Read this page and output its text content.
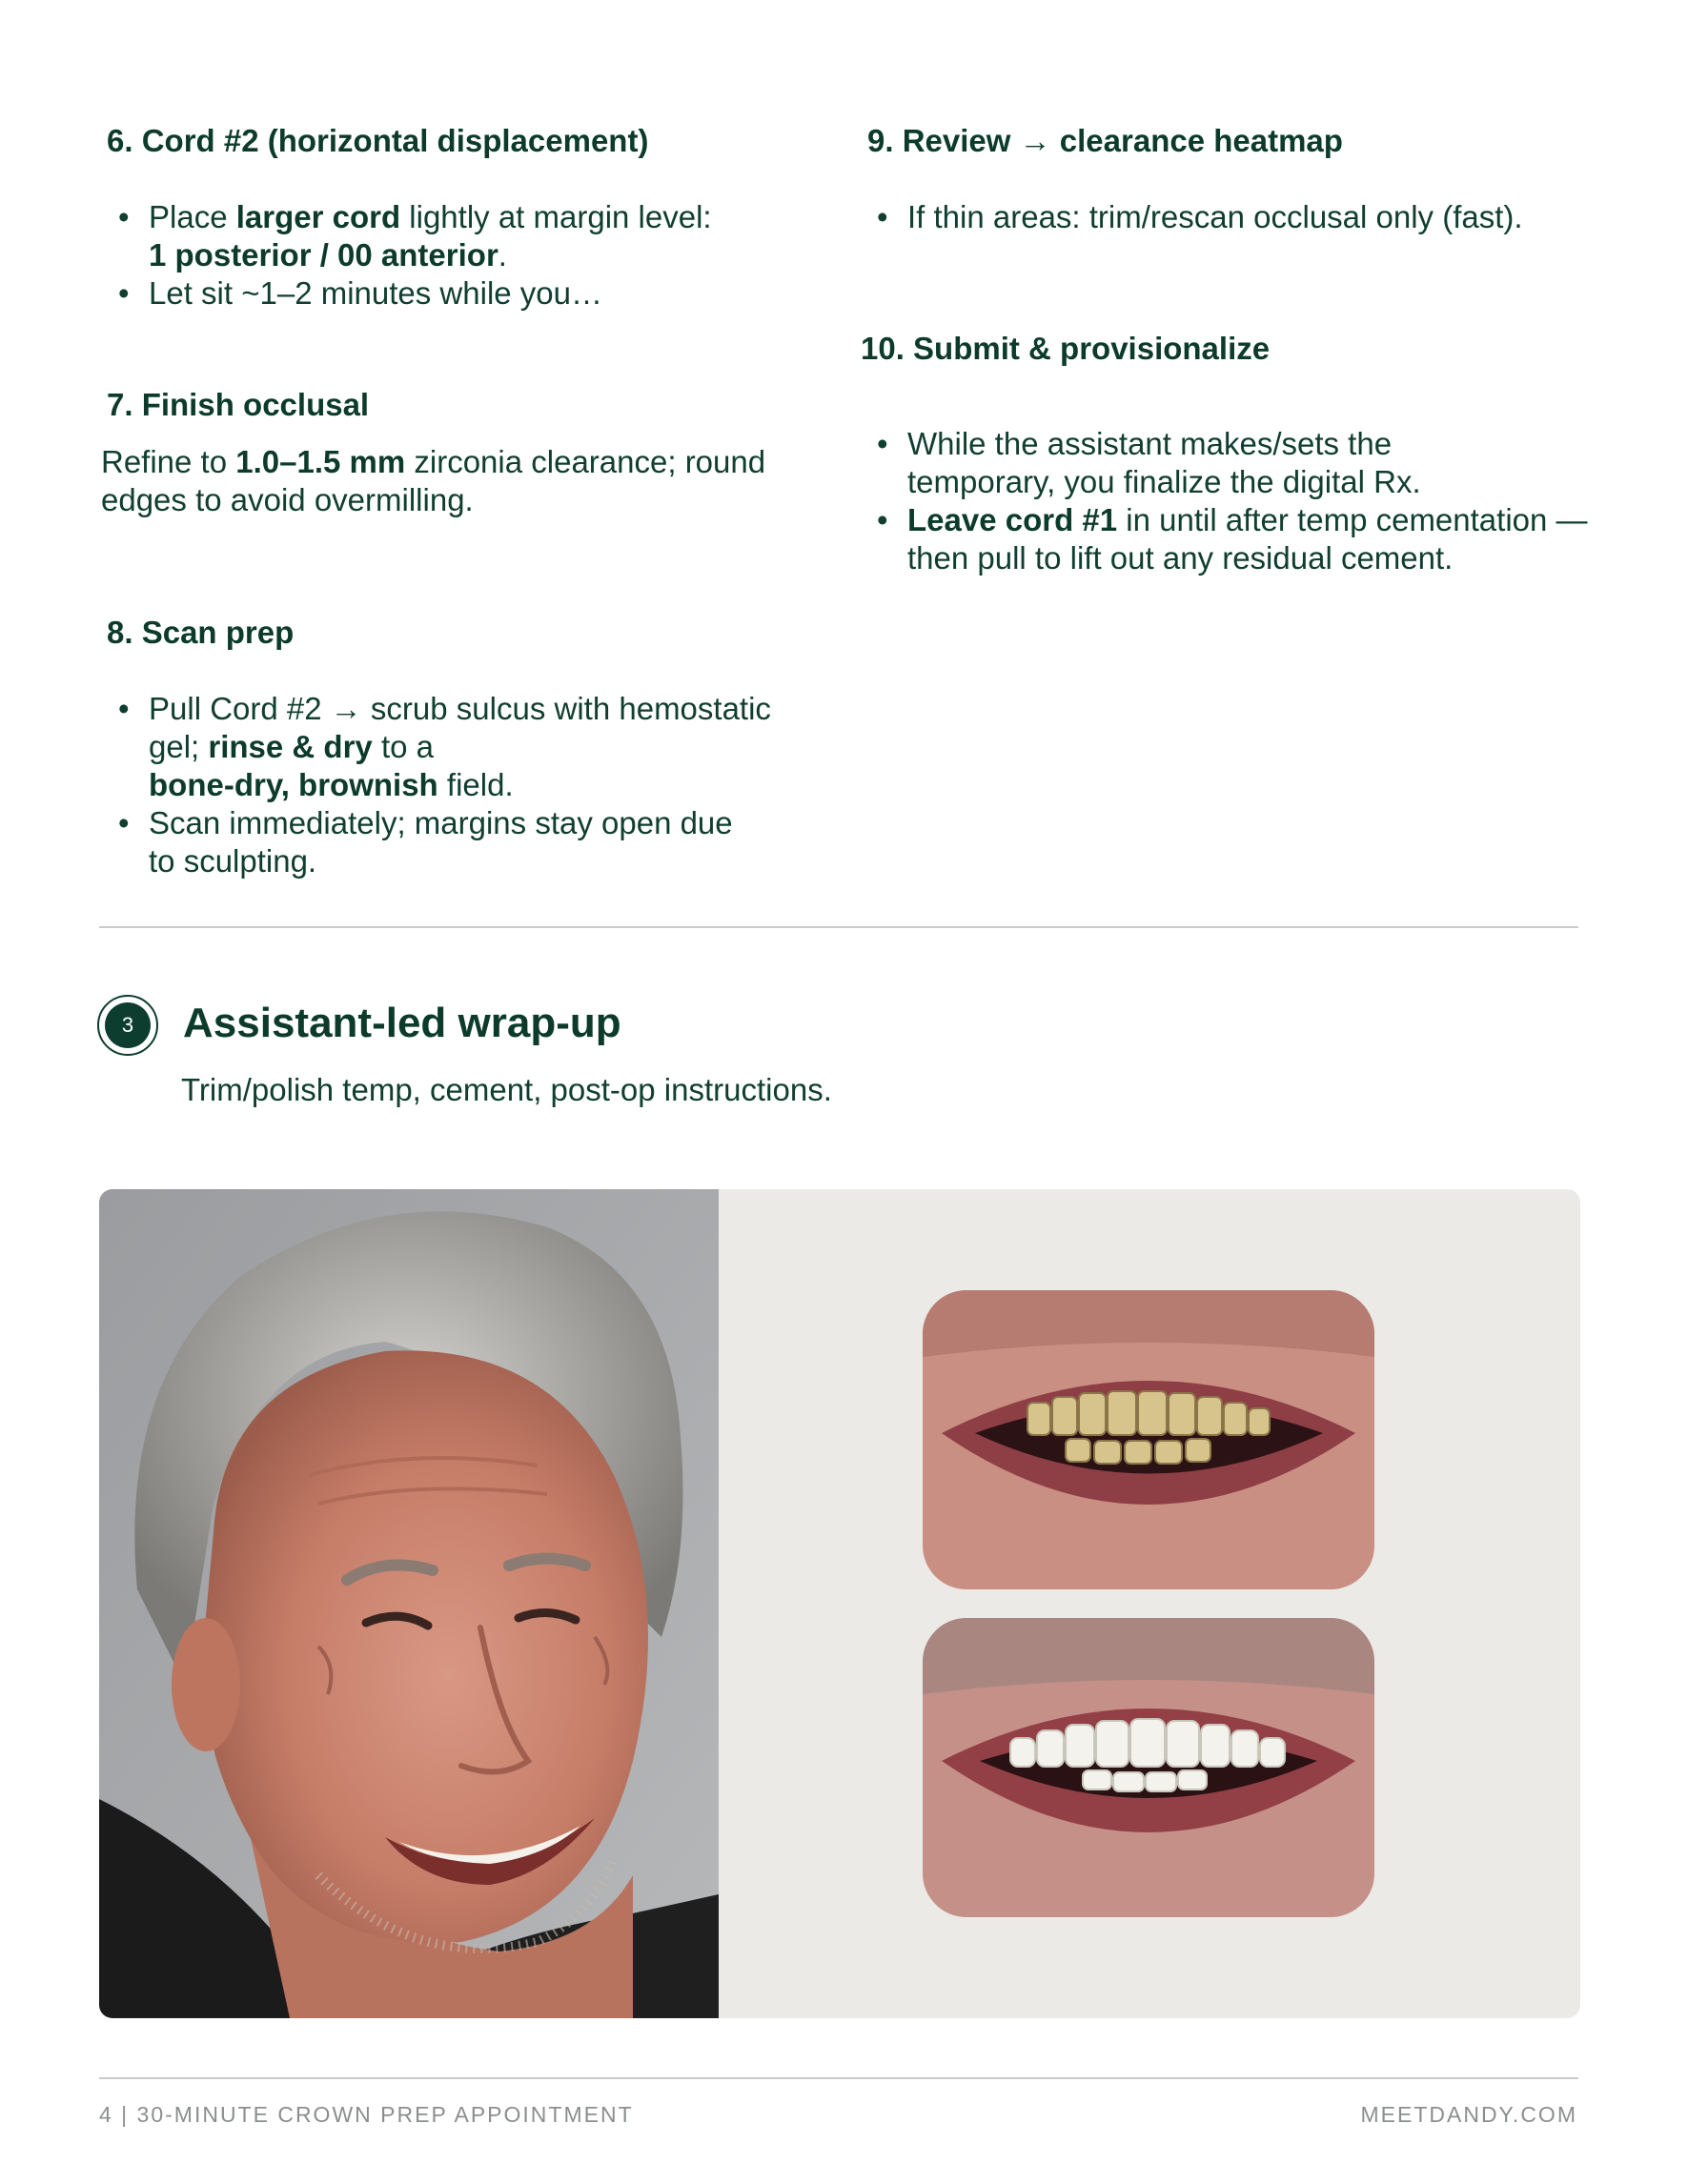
6. Cord #2 (horizontal displacement)
• Place larger cord lightly at margin level:
1 posterior / 00 anterior.
• Let sit ~1–2 minutes while you…
7. Finish occlusal

Refine to 1.0–1.5 mm zirconia clearance; round edges to avoid overmilling.

8. Scan prep
• Pull Cord #2 → scrub sulcus with hemostatic gel; rinse & dry to a
bone-dry, brownish field.
• Scan immediately; margins stay open due to sculpting.
9. Review → clearance heatmap
• If thin areas: trim/rescan occlusal only (fast).
10. Submit & provisionalize
• While the assistant makes/sets the temporary, you finalize the digital Rx.
• Leave cord #1 in until after temp cementation —then pull to lift out any residual cement.
3	Assistant-led wrap-up
Trim/polish temp, cement, post-op instructions.
4 | 30-MINUTE CROWN PREP APPOINTMENT	MEETDANDY.COM
